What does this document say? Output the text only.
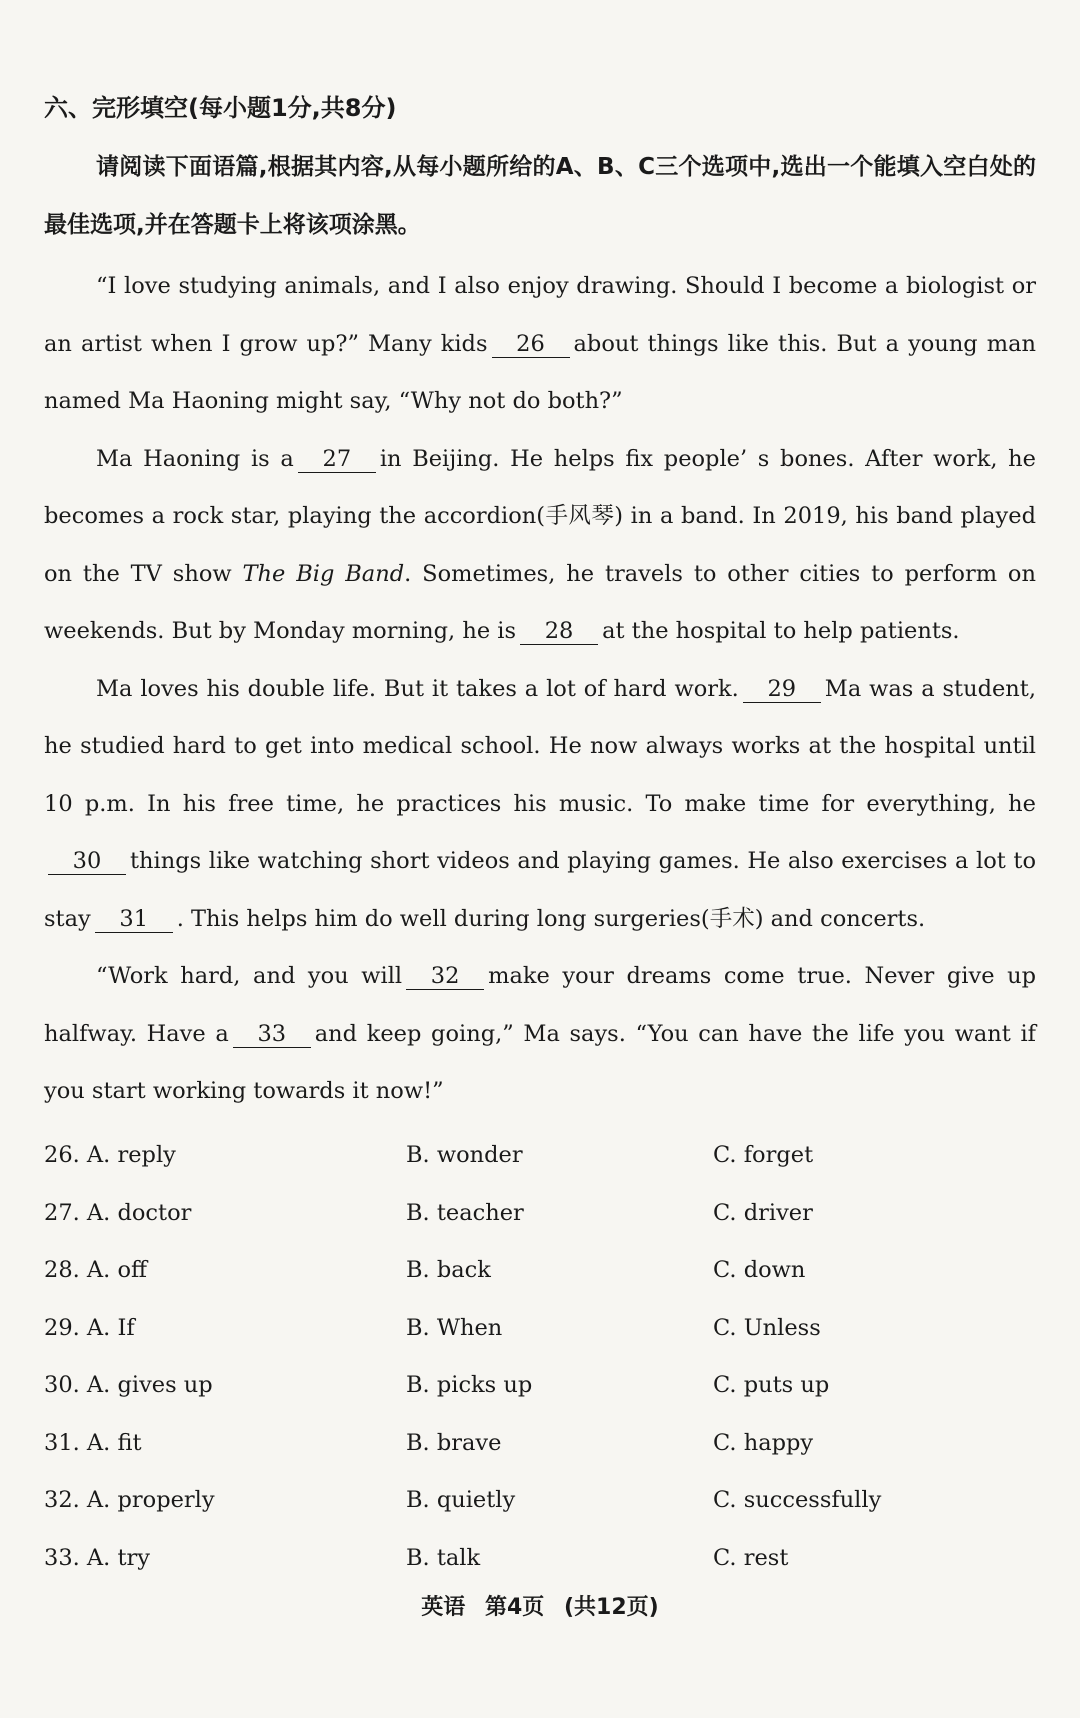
六、完形填空(每小题1分,共8分)

请阅读下面语篇,根据其内容,从每小题所给的A、B、C三个选项中,选出一个能填入空白处的最佳选项,并在答题卡上将该项涂黑。

“I love studying animals, and I also enjoy drawing. Should I become a biologist or an artist when I grow up?” Many kids 26 about things like this. But a young man named Ma Haoning might say, “Why not do both?”

Ma Haoning is a 27 in Beijing. He helps fix people’ s bones. After work, he becomes a rock star, playing the accordion(手风琴) in a band. In 2019, his band played on the TV show The Big Band. Sometimes, he travels to other cities to perform on weekends. But by Monday morning, he is 28 at the hospital to help patients.

Ma loves his double life. But it takes a lot of hard work. 29 Ma was a student, he studied hard to get into medical school. He now always works at the hospital until 10 p.m. In his free time, he practices his music. To make time for everything, he30 things like watching short videos and playing games. He also exercises a lot to stay 31 . This helps him do well during long surgeries(手术) and concerts.

“Work hard, and you will 32 make your dreams come true. Never give up halfway. Have a 33 and keep going,” Ma says. “You can have the life you want if you start working towards it now!”

26. A. reply	B. wonder	C. forget
27. A. doctor	B. teacher	C. driver
28. A. off	B. back	C. down
29. A. If	B. When	C. Unless
30. A. gives up	B. picks up	C. puts up
31. A. fit	B. brave	C. happy
32. A. properly	B. quietly	C. successfully
33. A. try	B. talk	C. rest
英语 第4页 (共12页)
